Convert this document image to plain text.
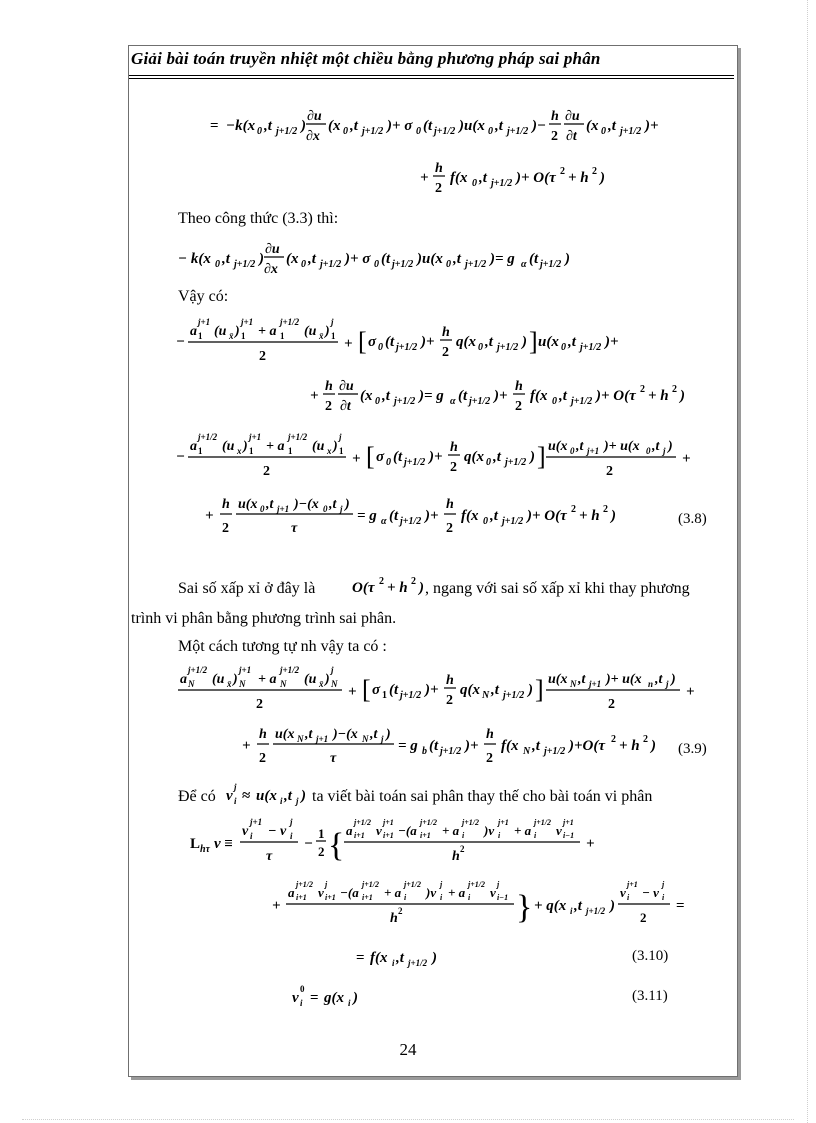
Giải bài toán truyền nhiệt một chiều bằng phương pháp sai phân
= −k(x 0 ,t j+1/2 )
∂u
∂x
(x 0 ,t j+1/2 )+ σ 0 (t j+1/2 )u(x 0 ,t j+1/2 )−
h
2
∂u
∂t
(x 0 ,t j+1/2 )+
+
h
2
f(x 0 ,t j+1/2 )+ O(τ 2 + h 2 )
Theo công thức (3.3) thì:
− k(x 0 ,t j+1/2 )
∂u
∂x
(x 0 ,t j+1/2 )+ σ 0 (t j+1/2 )u(x 0 ,t j+1/2 )= g α (t j+1/2 )
Vậy có:
−
a
j+1
1 (u x̄ )
j+1
1 + a
j+1/2
1 (u x̄ )
j
1
2
+ [ σ 0 (t j+1/2 )+
h
2
q(x 0 ,t j+1/2 ) ] u(x 0 ,t j+1/2 )+
+
h
2
∂u
∂t
(x 0 ,t j+1/2 )= g α (t j+1/2 )+
h
2
f(x 0 ,t j+1/2 )+ O(τ 2 + h 2 )
−
a
j+1/2
1 (u x )
j+1
1 + a
j+1/2
1 (u x )
j
1
2
+ [ σ 0 (t j+1/2 )+
h
2
q(x 0 ,t j+1/2 ) ] u(x 0 ,t j+1 )+ u(x 0 ,t j )
2
+
+
h
2
u(x 0 ,t j+1 )−(x 0 ,t j )
τ
= g α (t j+1/2 )+
h
2
f(x 0 ,t j+1/2 )+ O(τ 2 + h 2 )	(3.8)
Sai số xấp xỉ ở đây là O(τ 2 + h 2 ) , ngang với sai số xấp xỉ khi thay phương
trình vi phân bằng phương trình sai phân.
Một cách tương tự nh vậy ta có :
a
j+1/2
N (u x̄ )
j+1
N + a
j+1/2
N (u x̄ )
j
N
2
+ [ σ 1 (t j+1/2 )+
h
2
q(x N ,t j+1/2 ) ] u(x N ,t j+1 )+ u(x n ,t j )
2
+
+
h
2
u(x N ,t j+1 )−(x N ,t j )
τ
= g b (t j+1/2 )+
h
2
f(x N ,t j+1/2 )+O(τ 2 + h 2 ) (3.9)
Để có v
j
i ≈ u(x i ,t j ) ta viết bài toán sai phân thay thế cho bài toán vi phân
L hτ v ≡
v
j+1
i − v
j
i
τ
−
1
2 { a
j+1/2
i+1 v
j+1
i+1 −(a
j+1/2
i+1 + a
j+1/2
i )v
j+1
i + a
j+1/2
i v
j+1
i−1
h 2	+
+
a
j+1/2
i+1 v
j
i+1 −(a
j+1/2
i+1 + a
j+1/2
i )v
j
i + a
j+1/2
i v
j
i−1
h 2	} + q(x i ,t j+1/2 )
v
j+1
i − v
j
i
2
=
= f(x i ,t j+1/2 )	(3.10)
v
0
i = g(x i )	(3.11)
24
